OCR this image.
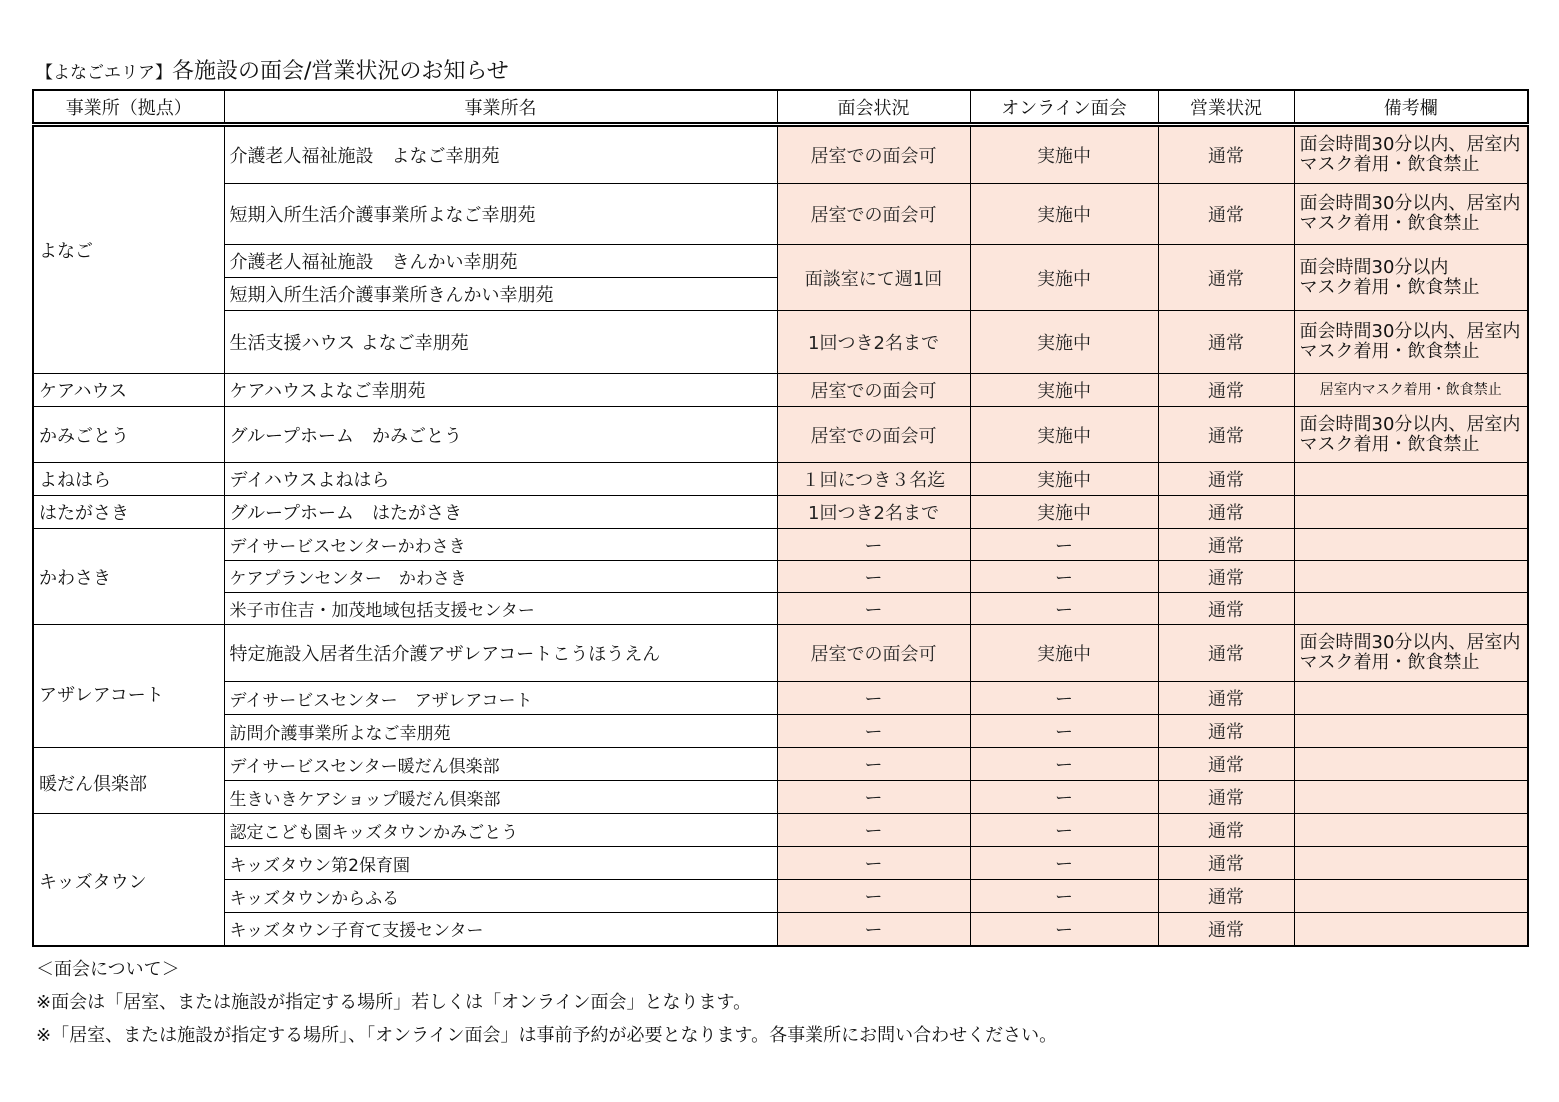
【よなごエリア】各施設の面会/営業状況のお知らせ
事業所（拠点）	事業所名	面会状況	オンライン面会	営業状況	備考欄
よなご	介護老人福祉施設　よなご幸朋苑	居室での面会可	実施中	通常	面会時間30分以内、居室内
マスク着用・飲食禁止

	短期入所生活介護事業所よなご幸朋苑	居室での面会可	実施中	通常	面会時間30分以内、居室内
マスク着用・飲食禁止

	介護老人福祉施設　きんかい幸朋苑	面談室にて週1回	実施中	通常	面会時間30分以内
マスク着用・飲食禁止

	短期入所生活介護事業所きんかい幸朋苑				
	生活支援ハウス よなご幸朋苑	1回つき2名まで	実施中	通常	面会時間30分以内、居室内
マスク着用・飲食禁止

ケアハウス	ケアハウスよなご幸朋苑	居室での面会可	実施中	通常	居室内マスク着用・飲食禁止
かみごとう	グループホーム　かみごとう	居室での面会可	実施中	通常	面会時間30分以内、居室内
マスク着用・飲食禁止

よねはら	デイハウスよねはら	１回につき３名迄	実施中	通常	
はたがさき	グループホーム　はたがさき	1回つき2名まで	実施中	通常	
かわさき	デイサービスセンターかわさき	ー	ー	通常	
	ケアプランセンター　かわさき	ー	ー	通常	
	米子市住吉・加茂地域包括支援センター	ー	ー	通常	
アザレアコート	特定施設入居者生活介護アザレアコートこうほうえん	居室での面会可	実施中	通常	面会時間30分以内、居室内
マスク着用・飲食禁止

	デイサービスセンター　アザレアコート	ー	ー	通常	
	訪問介護事業所よなご幸朋苑	ー	ー	通常	
暖だん倶楽部	デイサービスセンター暖だん倶楽部	ー	ー	通常	
	生きいきケアショップ暖だん倶楽部	ー	ー	通常	
キッズタウン	認定こども園キッズタウンかみごとう	ー	ー	通常	
	キッズタウン第2保育園	ー	ー	通常	
	キッズタウンからふる	ー	ー	通常	
	キッズタウン子育て支援センター	ー	ー	通常	
＜面会について＞
※面会は「居室、または施設が指定する場所」若しくは「オンライン面会」となります。
※「居室、または施設が指定する場所」、「オンライン面会」は事前予約が必要となります。各事業所にお問い合わせください。
